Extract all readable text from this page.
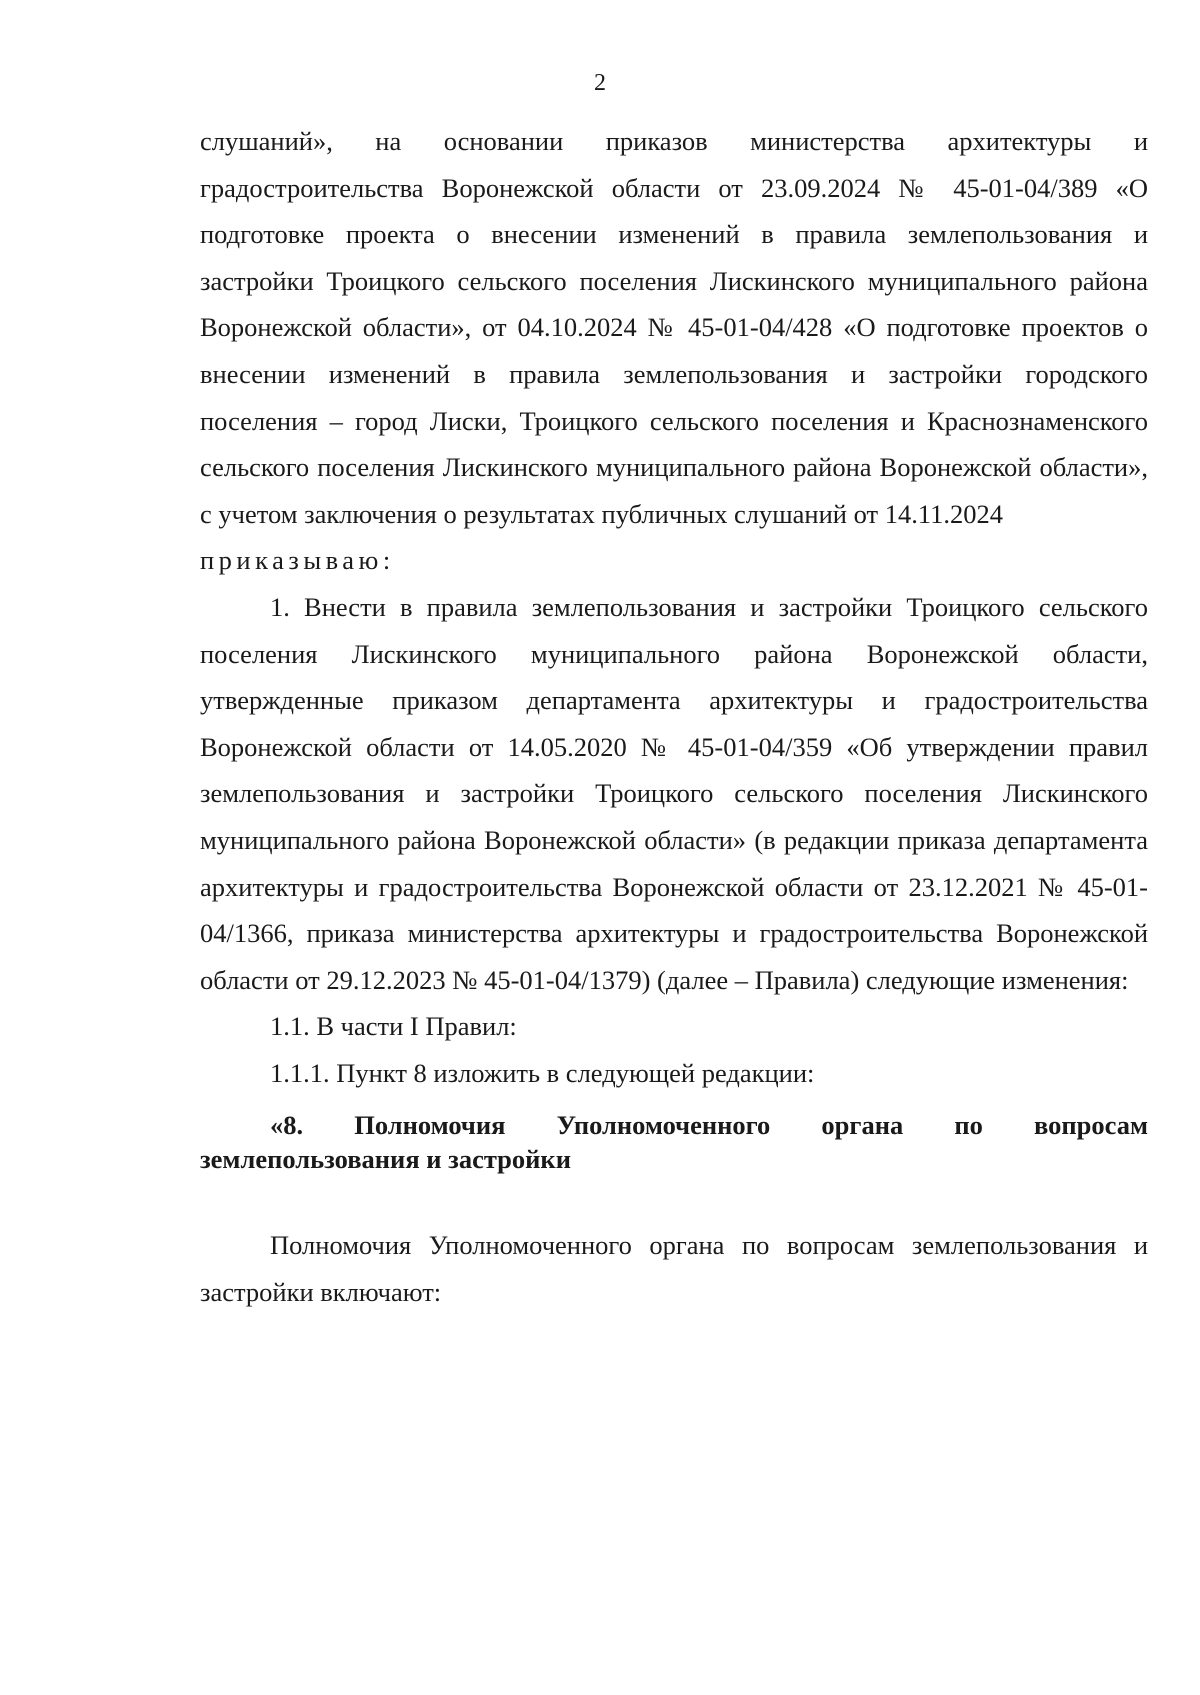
2

слушаний», на основании приказов министерства архитектуры и градостроительства Воронежской области от 23.09.2024 № 45-01-04/389 «О подготовке проекта о внесении изменений в правила землепользования и застройки Троицкого сельского поселения Лискинского муниципального района Воронежской области», от 04.10.2024 № 45-01-04/428 «О подготовке проектов о внесении изменений в правила землепользования и застройки городского поселения – город Лиски, Троицкого сельского поселения и Краснознаменского сельского поселения Лискинского муниципального района Воронежской области», с учетом заключения о результатах публичных слушаний от 14.11.2024

приказываю:

1. Внести в правила землепользования и застройки Троицкого сельского поселения Лискинского муниципального района Воронежской области, утвержденные приказом департамента архитектуры и градостроительства Воронежской области от 14.05.2020 № 45-01-04/359 «Об утверждении правил землепользования и застройки Троицкого сельского поселения Лискинского муниципального района Воронежской области» (в редакции приказа департамента архитектуры и градостроительства Воронежской области от 23.12.2021 № 45-01-04/1366, приказа министерства архитектуры и градостроительства Воронежской области от 29.12.2023 № 45-01-04/1379) (далее – Правила) следующие изменения:

1.1. В части I Правил:

1.1.1. Пункт 8 изложить в следующей редакции:

«8. Полномочия Уполномоченного органа по вопросам землепользования и застройки

Полномочия Уполномоченного органа по вопросам землепользования и застройки включают:
